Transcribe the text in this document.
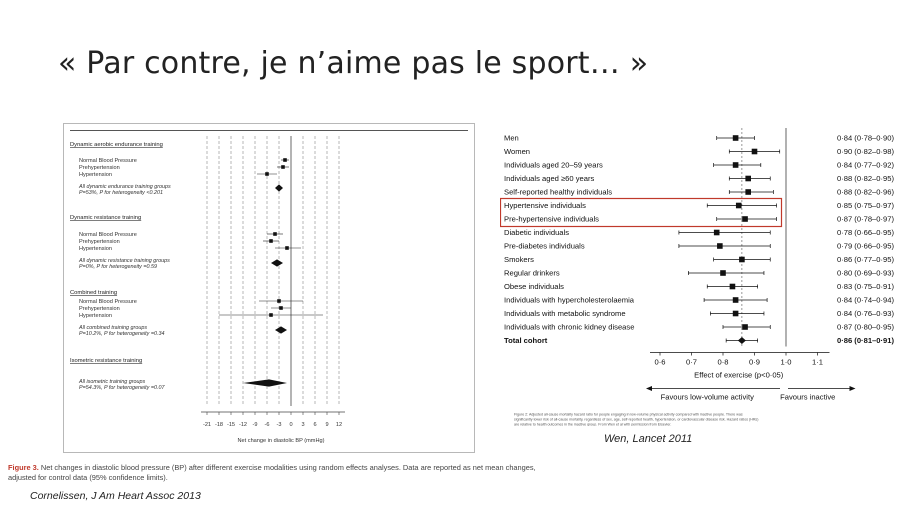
« Par contre, je n’aime pas le sport… »
Dynamic aerobic endurance training
Normal Blood Pressure
Prehypertension
Hypertension
All dynamic endurance training groups
P=53%, P for heterogeneity <0.201
Dynamic resistance training
Normal Blood Pressure
Prehypertension
Hypertension
All dynamic resistance training groups
P=0%, P for heterogeneity =0.59
Combined training
Normal Blood Pressure
Prehypertension
Hypertension
All combined training groups
P=10.2%, P for heterogeneity =0.34
Isometric resistance training
All isometric training groups
P=54.3%, P for heterogeneity =0.07
-21 -18 -15 -12 -9 -6 -3 0 3 6 9 12
Net change in diastolic BP (mmHg)
Figure 3. Net changes in diastolic blood pressure (BP) after different exercise modalities using random effects analyses. Data are reported as net mean changes, adjusted for control data (95% confidence limits).
Cornelissen, J Am Heart Assoc 2013
Men	0·84 (0·78–0·90)
Women	0·90 (0·82–0·98)
Individuals aged 20–59 years	0·84 (0·77–0·92)
Individuals aged ≥60 years	0·88 (0·82–0·95)
Self-reported healthy individuals	0·88 (0·82–0·96)
Hypertensive individuals	0·85 (0·75–0·97)
Pre-hypertensive individuals	0·87 (0·78–0·97)
Diabetic individuals	0·78 (0·66–0·95)
Pre-diabetes individuals	0·79 (0·66–0·95)
Smokers	0·86 (0·77–0·95)
Regular drinkers	0·80 (0·69–0·93)
Obese individuals	0·83 (0·75–0·91)
Individuals with hypercholesterolaemia	0·84 (0·74–0·94)
Individuals with metabolic syndrome	0·84 (0·76–0·93)
Individuals with chronic kidney disease	0·87 (0·80–0·95)
Total cohort	0·86 (0·81–0·91)
0·6	0·7	0·8	0·9	1·0	1·1
Effect of exercise (p<0·05)
Favours low-volume activity	Favours inactive
Figure 2: Adjusted all-cause mortality hazard ratio for people engaging in low-volume physical activity compared with inactive people. There was
significantly lower risk of all-cause mortality, regardless of sex, age, self-reported health, hypertension, or cardiovascular disease risk. Hazard ratios (HRs)
are relative to health outcomes in the inactive group. From Wen et al with permission from Elsevier.
Wen, Lancet 2011
